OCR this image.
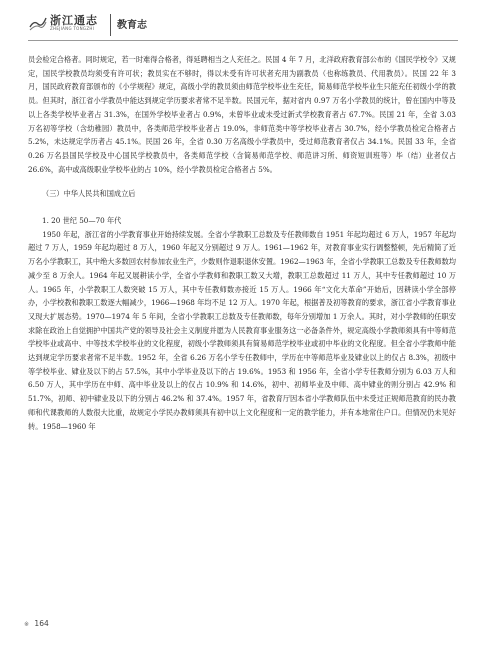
浙江通志
ZHEJIANG TONGZHI 教育志

员会检定合格者。同时规定，若一时难得合格者，得延聘相当之人充任之。民国 4 年 7 月，北洋政府教育部公布的《国民学校令》又规定，国民学校教员均须受有许可状；教员实在不够时，得以未受有许可状者充用为副教员（也称练教员、代用教员）。民国 22 年 3 月，国民政府教育部颁布的《小学规程》规定，高级小学的教员须由师范学校毕业生充任，简易师范学校毕业生只能充任初级小学的教员。但其时，浙江省小学教员中能达到规定学历要求者常不足半数。民国元年，据对省内 0.97 万名小学教员的统计，曾在国内中等及以上各类学校毕业者占 31.3%，在国外学校毕业者占 0.9%，未曾毕业或未受过新式学校教育者占 67.7%。民国 21 年，全省 3.03 万名初等学校（含幼稚园）教员中，各类师范学校毕业者占 19.0%，非师范类中等学校毕业者占 30.7%，经小学教员检定合格者占 5.2%，未达规定学历者占 45.1%。民国 26 年，全省 0.30 万名高级小学教员中，受过师范教育者仅占 34.1%。民国 33 年，全省 0.26 万名县国民学校及中心国民学校教员中，各类师范学校（含简易师范学校、师范讲习所、师资短训班等）毕（结）业者仅占 26.6%，高中或高级职业学校毕业的占 10%，经小学教员检定合格者占 5%。

（三）中华人民共和国成立后
1. 20 世纪 50—70 年代

1950 年起，浙江省的小学教育事业开始持续发展。全省小学教职工总数及专任教师数自 1951 年起均超过 6 万人，1957 年起均超过 7 万人，1959 年起均超过 8 万人，1960 年起又分别超过 9 万人。1961—1962 年，对教育事业实行调整整顿，先后精简了近万名小学教职工，其中绝大多数回农村参加农业生产，少数则作退职退休安置。1962—1963 年，全省小学教职工总数及专任教师数均减少至 8 万余人。1964 年起又展耕读小学，全省小学教师和教职工数又大增，教职工总数超过 11 万人，其中专任教师超过 10 万人。1965 年，小学教职工人数突破 15 万人，其中专任教师数亦接近 15 万人。1966 年“文化大革命”开始后，因耕读小学全部停办，小学校教和教职工数逐大幅减少，1966—1968 年均不足 12 万人。1970 年起，根据普及初等教育的要求，浙江省小学教育事业又现大扩展态势。1970—1974 年 5 年间，全省小学教职工总数及专任教师数，每年分别增加 1 万余人。其时，对小学教师的任职安求除在政治上自觉拥护中国共产党的领导及社会主义制度并愿为人民教育事业服务这一必备条件外，规定高级小学教师须具有中等师范学校毕业或高中、中等技术学校毕业的文化程度，初级小学教师须具有简易师范学校毕业或初中毕业的文化程度。但全省小学教师中能达到规定学历要求者常不足半数。1952 年，全省 6.26 万名小学专任教师中，学历在中等师范毕业及肄业以上的仅占 8.3%，初级中等学校毕业、肄业及以下的占 57.5%，其中小学毕业及以下的占 19.6%。1953 和 1956 年，全省小学专任教师分别为 6.03 万人和 6.50 万人，其中学历在中师、高中毕业及以上的仅占 10.9% 和 14.6%，初中、初师毕业及中师、高中肄业的则分别占 42.9% 和 51.7%，初师、初中肄业及以下的分别占 46.2% 和 37.4%。1957 年，省教育厅因本省小学教师队伍中未受过正规师范教育的民办教师和代课教师的人数很大比重，故规定小学民办教师须具有初中以上文化程度和一定的教学能力，并有本地常住户口。但情况仍未见好转。1958—1960 年

※ 164
